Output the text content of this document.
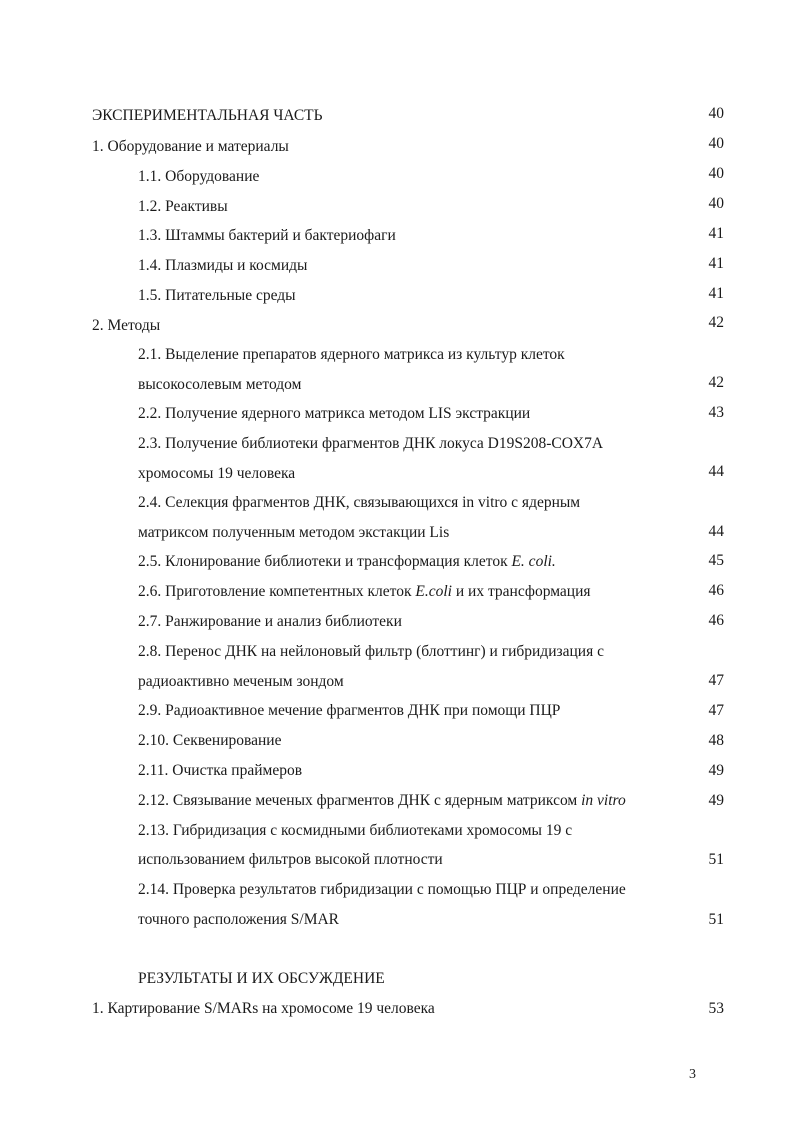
ЭКСПЕРИМЕНТАЛЬНАЯ ЧАСТЬ	40
1. Оборудование и материалы	40
1.1. Оборудование	40
1.2. Реактивы	40
1.3. Штаммы бактерий и бактериофаги	41
1.4. Плазмиды и космиды	41
1.5. Питательные среды	41
2. Методы	42
2.1. Выделение препаратов ядерного матрикса из культур клеток
высокосолевым методом	42
2.2. Получение ядерного матрикса методом LIS экстракции	43
2.3. Получение библиотеки фрагментов ДНК локуса D19S208-COX7A
хромосомы 19 человека	44
2.4. Селекция фрагментов ДНК, связывающихся in vitro с ядерным
матриксом полученным методом экстакции Lis	44
2.5. Клонирование библиотеки и трансформация клеток E. coli.	45
2.6. Приготовление компетентных клеток E.coli и их трансформация	46
2.7. Ранжирование и анализ библиотеки	46
2.8. Перенос ДНК на нейлоновый фильтр (блоттинг) и гибридизация с
радиоактивно меченым зондом	47
2.9. Радиоактивное мечение фрагментов ДНК при помощи ПЦР	47
2.10. Секвенирование	48
2.11. Очистка праймеров	49
2.12. Связывание меченых фрагментов ДНК с ядерным матриксом in vitro	49
2.13. Гибридизация с космидными библиотеками хромосомы 19 с
использованием фильтров высокой плотности	51
2.14. Проверка результатов гибридизации с помощью ПЦР и определение
точного расположения S/MAR	51
РЕЗУЛЬТАТЫ И ИХ ОБСУЖДЕНИЕ
1. Картирование S/MARs на хромосоме 19 человека	53
3
